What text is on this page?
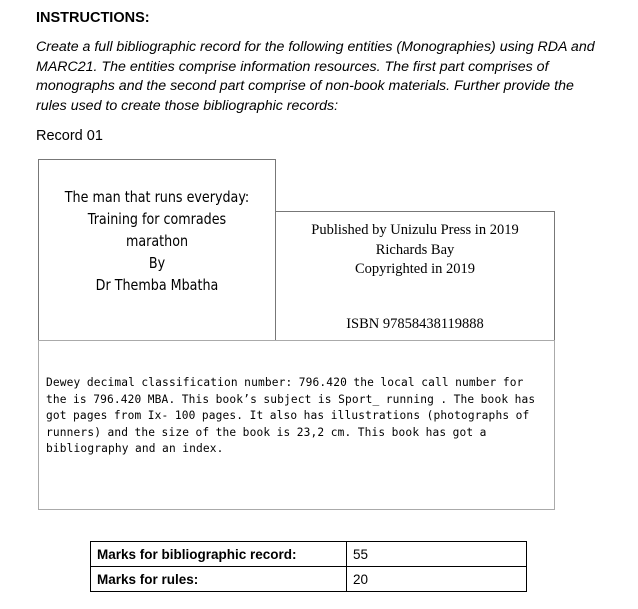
INSTRUCTIONS:
Create a full bibliographic record for the following entities (Monographies) using RDA and MARC21. The entities comprise information resources. The first part comprises of monographs and the second part comprise of non-book materials. Further provide the rules used to create those bibliographic records:
Record 01
The man that runs everyday:
Training for comrades marathon
By
Dr Themba Mbatha
Published by Unizulu Press in 2019
Richards Bay
Copyrighted in 2019
ISBN 97858438119888
Dewey decimal classification number: 796.420 the local call number for the is 796.420 MBA. This book’s subject is Sport_ running . The book has got pages from Ix- 100 pages. It also has illustrations (photographs of runners) and the size of the book is 23,2 cm. This book has got a bibliography and an index.
Marks for bibliographic record:	55
Marks for rules:	20
